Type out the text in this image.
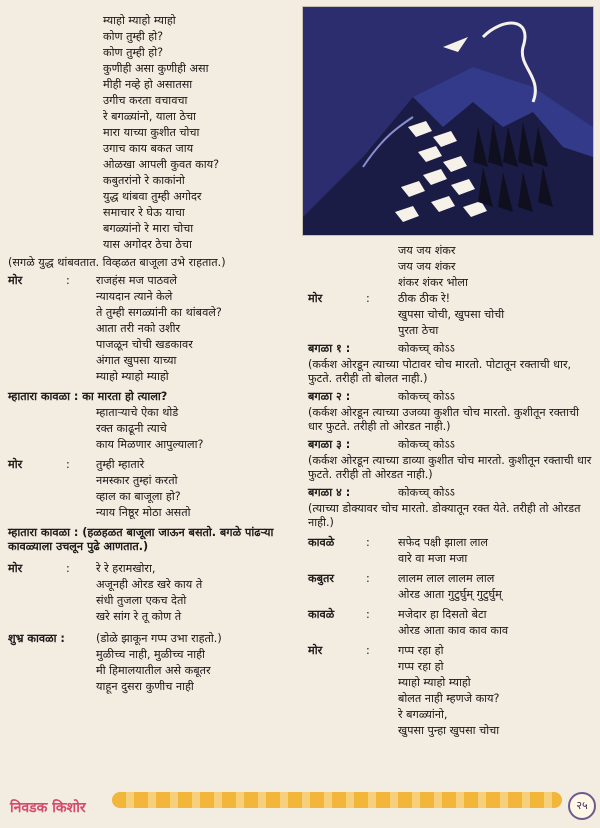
म्याहो म्याहो म्याहो
कोण तुम्ही हो?
कोण तुम्ही हो?
कुणीही असा कुणीही असा
मीही नव्हे हो असातसा
उगीच करता वचावचा
रे बगळ्यांनो, याला ठेचा
मारा याच्या कुशीत चोचा
उगाच काय बकत जाय
ओळखा आपली कुवत काय?
कबुतरांनो रे काकांनो
युद्ध थांबवा तुम्ही अगोदर
समाचार रे घेऊ याचा
बगळ्यांनो रे मारा चोचा
यास अगोदर ठेचा ठेचा
(सगळे युद्ध थांबवतात. विव्हळत बाजूला उभे राहतात.)
मोर	: राजहंस मज पाठवले
न्यायदान त्याने केले
ते तुम्ही सगळ्यांनी का थांबवले?
आता तरी नको उशीर
पाजळून चोची खडकावर
अंगात खुपसा याच्या
म्याहो म्याहो म्याहो
म्हातारा कावळा : का मारता हो त्याला?
म्हाताऱ्याचे ऐका थोडे
रक्त काढूनी त्याचे
काय मिळणार आपुल्याला?
मोर	: तुम्ही म्हातारे
नमस्कार तुम्हां करतो
व्हाल का बाजूला हो?
न्याय निष्ठूर मोठा असतो
म्हातारा कावळा : (हळहळत बाजूला जाऊन बसतो. बगळे पांढऱ्या कावळ्याला उचलून पुढे आणतात.)
मोर	: रे रे हरामखोरा,
अजूनही ओरड खरे काय ते
संधी तुजला एकच देतो
खरे सांग रे तू कोण ते
शुभ्र कावळा :	(डोळे झाकून गप्प उभा राहतो.)
मुळीच्च नाही, मुळीच्च नाही
मी हिमालयातील असे कबूतर
याहून दुसरा कुणीच नाही
जय जय शंकर
जय जय शंकर
शंकर शंकर भोला
मोर	:	ठीक ठीक रे!
खुपसा चोची, खुपसा चोची
पुरता ठेचा
बगळा १ :	कोकच्च् कोऽऽ
(कर्कश ओरडून त्याच्या पोटावर चोच मारतो. पोटातून रक्ताची धार, फुटते. तरीही तो बोलत नाही.)
बगळा २ :	कोकच्च् कोऽऽ
(कर्कश ओरडून त्याच्या उजव्या कुशीत चोच मारतो. कुशीतून रक्ताची धार फुटते. तरीही तो ओरडत नाही.)
बगळा ३ :	कोकच्च् कोऽऽ
(कर्कश ओरडून त्याच्या डाव्या कुशीत चोच मारतो. कुशीतून रक्ताची धार फुटते. तरीही तो ओरडत नाही.)
बगळा ४ :	कोकच्च् कोऽऽ
(त्याच्या डोक्यावर चोच मारतो. डोक्यातून रक्त येते. तरीही तो ओरडत नाही.)
कावळे	:	सफेद पक्षी झाला लाल
वारे वा मजा मजा
कबुतर	:	लालम लाल लालम लाल
ओरड आता गुटुर्घुम् गुटुर्घुम्
कावळे	:	मजेदार हा दिसतो बेटा
ओरड आता काव काव काव
मोर	:	गप्प रहा हो
गप्प रहा हो
म्याहो म्याहो म्याहो
बोलत नाही म्हणजे काय?
रे बगळ्यांनो,
खुपसा पुन्हा खुपसा चोचा
निवडक किशोर	२५
